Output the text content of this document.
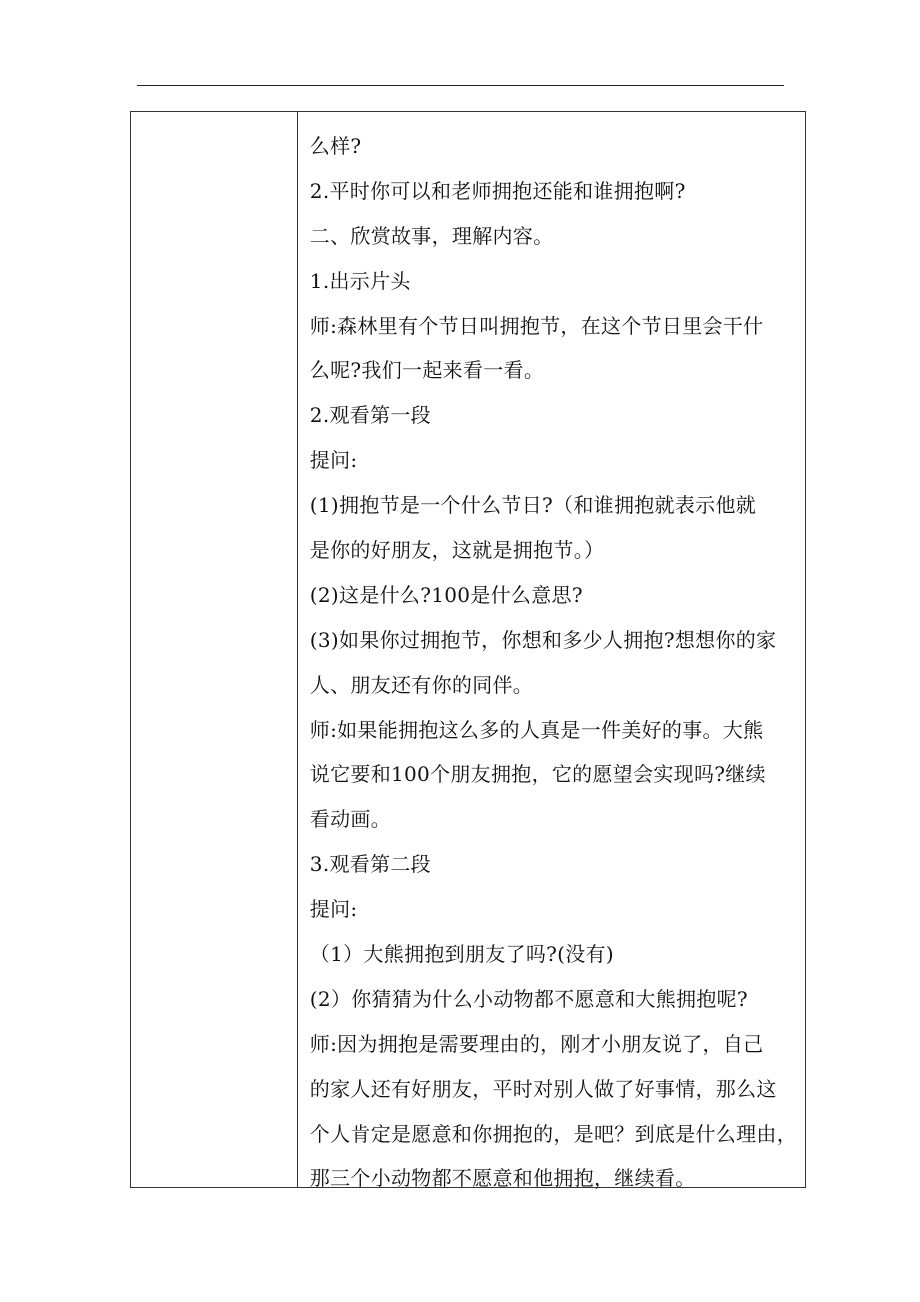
么样?
2.平时你可以和老师拥抱还能和谁拥抱啊?
二、欣赏故事，理解内容。
1.出示片头
师:森林里有个节日叫拥抱节，在这个节日里会干什
么呢?我们一起来看一看。
2.观看第一段
提问:
(1)拥抱节是一个什么节日?（和谁拥抱就表示他就
是你的好朋友，这就是拥抱节。）
(2)这是什么?100是什么意思?
(3)如果你过拥抱节，你想和多少人拥抱?想想你的家
人、朋友还有你的同伴。
师:如果能拥抱这么多的人真是一件美好的事。大熊
说它要和100个朋友拥抱，它的愿望会实现吗?继续
看动画。
3.观看第二段
提问:
（1）大熊拥抱到朋友了吗?(没有)
(2）你猜猜为什么小动物都不愿意和大熊拥抱呢?
师:因为拥抱是需要理由的，刚才小朋友说了，自己
的家人还有好朋友，平时对别人做了好事情，那么这
个人肯定是愿意和你拥抱的，是吧？到底是什么理由，
那三个小动物都不愿意和他拥抱，继续看。
